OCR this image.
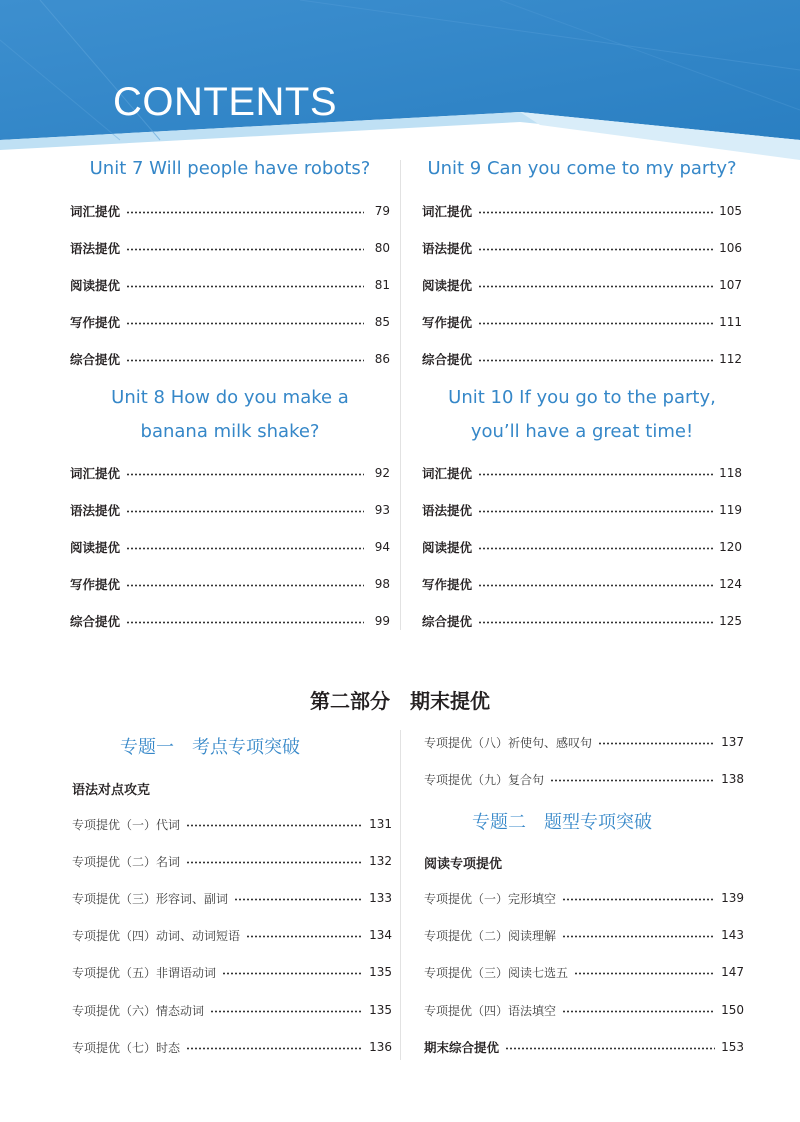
CONTENTS
Unit 7 Will people have robots?
词汇提优	79
语法提优	80
阅读提优	81
写作提优	85
综合提优	86
Unit 9 Can you come to my party?
词汇提优	105
语法提优	106
阅读提优	107
写作提优	111
综合提优	112
Unit 8 How do you make a
banana milk shake?
词汇提优	92
语法提优	93
阅读提优	94
写作提优	98
综合提优	99
Unit 10 If you go to the party,
you’ll have a great time!
词汇提优	118
语法提优	119
阅读提优	120
写作提优	124
综合提优	125
第二部分　期末提优
专题一　考点专项突破
语法对点攻克
专项提优（一）代词	131
专项提优（二）名词	132
专项提优（三）形容词、副词	133
专项提优（四）动词、动词短语	134
专项提优（五）非谓语动词	135
专项提优（六）情态动词	135
专项提优（七）时态	136
专项提优（八）祈使句、感叹句	137
专项提优（九）复合句	138
专题二　题型专项突破
阅读专项提优
专项提优（一）完形填空	139
专项提优（二）阅读理解	143
专项提优（三）阅读七选五	147
专项提优（四）语法填空	150
期末综合提优	153
